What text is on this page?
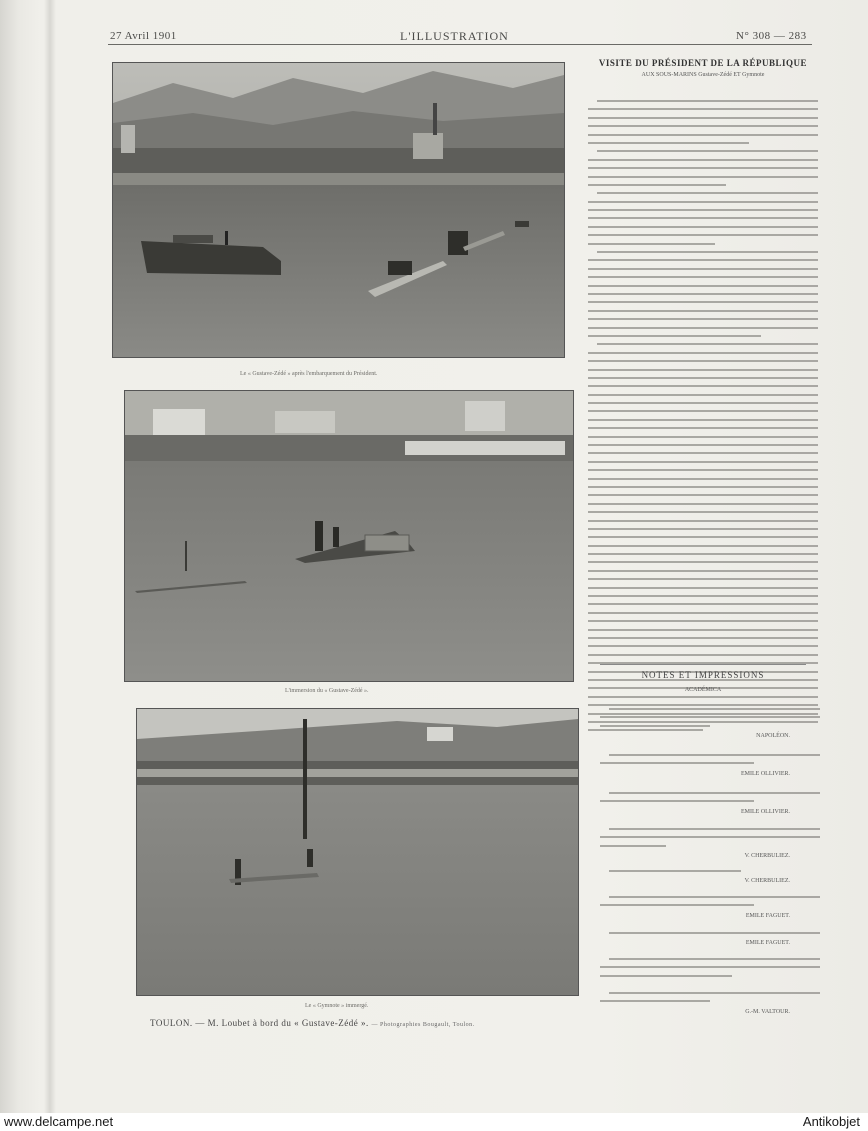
27 Avril 1901	L'ILLUSTRATION	N° 308 — 283
Le « Gustave-Zédé » après l'embarquement du Président.
L'immersion du « Gustave-Zédé ».
Le « Gymnote » immergé.
TOULON. — M. Loubet à bord du « Gustave-Zédé ». — Photographies Bougault, Toulon.
VISITE DU PRÉSIDENT DE LA RÉPUBLIQUE
AUX SOUS-MARINS Gustave-Zédé ET Gymnote
NOTES ET IMPRESSIONS
ACADÉMICA
NAPOLÉON.
EMILE OLLIVIER.
EMILE OLLIVIER.
V. CHERBULIEZ.
V. CHERBULIEZ.
EMILE FAGUET.
EMILE FAGUET.
G.-M. VALTOUR.
www.delcampe.net	Antikobjet
